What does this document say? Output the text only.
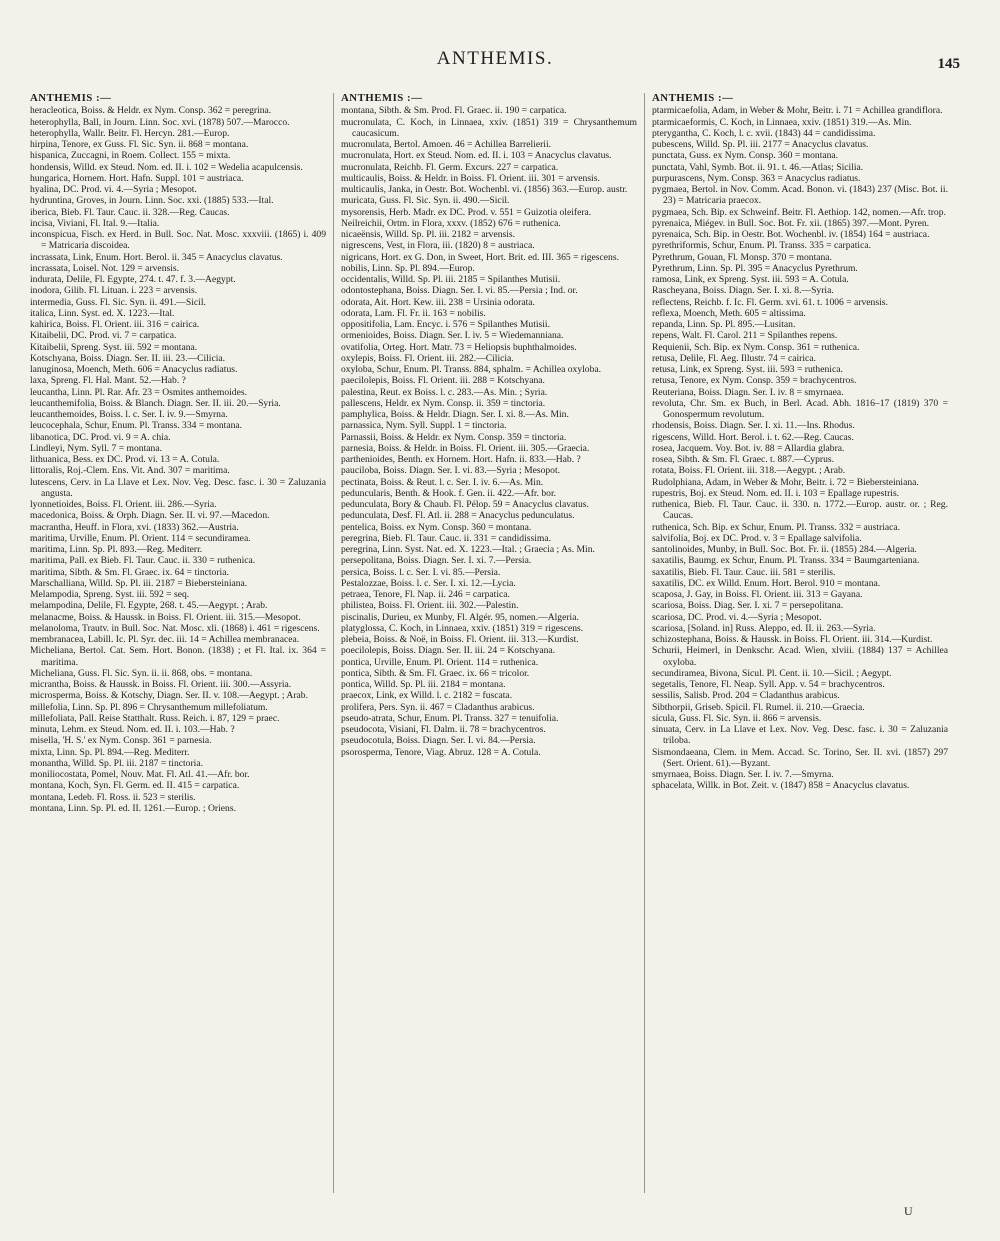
ANTHEMIS.	145
ANTHEMIS :—

heracleotica, Boiss. & Heldr. ex Nym. Consp. 362 = peregrina.

heterophylla, Ball, in Journ. Linn. Soc. xvi. (1878) 507.—Marocco.

heterophylla, Wallr. Beitr. Fl. Hercyn. 281.—Europ.

hirpina, Tenore, ex Guss. Fl. Sic. Syn. ii. 868 = montana.

hispanica, Zuccagni, in Roem. Collect. 155 = mixta.

hondensis, Willd. ex Steud. Nom. ed. II. i. 102 = Wedelia acapulcensis.

hungarica, Hornem. Hort. Hafn. Suppl. 101 = austriaca.

hyalina, DC. Prod. vi. 4.—Syria ; Mesopot.

hydruntina, Groves, in Journ. Linn. Soc. xxi. (1885) 533.—Ital.

iberica, Bieb. Fl. Taur. Cauc. ii. 328.—Reg. Caucas.

incisa, Viviani, Fl. Ital. 9.—Italia.

inconspicua, Fisch. ex Herd. in Bull. Soc. Nat. Mosc. xxxviii. (1865) i. 409 = Matricaria discoidea.

incrassata, Link, Enum. Hort. Berol. ii. 345 = Anacyclus clavatus.

incrassata, Loisel. Not. 129 = arvensis.

indurata, Delile, Fl. Egypte, 274. t. 47. f. 3.—Aegypt.

inodora, Gilib. Fl. Lituan. i. 223 = arvensis.

intermedia, Guss. Fl. Sic. Syn. ii. 491.—Sicil.

italica, Linn. Syst. ed. X. 1223.—Ital.

kahirica, Boiss. Fl. Orient. iii. 316 = cairica.

Kitaibelii, DC. Prod. vi. 7 = carpatica.

Kitaibelii, Spreng. Syst. iii. 592 = montana.

Kotschyana, Boiss. Diagn. Ser. II. iii. 23.—Cilicia.

lanuginosa, Moench, Meth. 606 = Anacyclus radiatus.

laxa, Spreng. Fl. Hal. Mant. 52.—Hab. ?

leucantha, Linn. Pl. Rar. Afr. 23 = Osmites anthemoides.

leucanthemifolia, Boiss. & Blanch. Diagn. Ser. II. iii. 20.—Syria.

leucanthemoides, Boiss. l. c. Ser. I. iv. 9.—Smyrna.

leucocephala, Schur, Enum. Pl. Transs. 334 = montana.

libanotica, DC. Prod. vi. 9 = A. chia.

Lindleyi, Nym. Syll. 7 = montana.

lithuanica, Bess. ex DC. Prod. vi. 13 = A. Cotula.

littoralis, Roj.-Clem. Ens. Vit. And. 307 = maritima.

lutescens, Cerv. in La Llave et Lex. Nov. Veg. Desc. fasc. i. 30 = Zaluzania angusta.

lyonnetioides, Boiss. Fl. Orient. iii. 286.—Syria.

macedonica, Boiss. & Orph. Diagn. Ser. II. vi. 97.—Macedon.

macrantha, Heuff. in Flora, xvi. (1833) 362.—Austria.

maritima, Urville, Enum. Pl. Orient. 114 = secundiramea.

maritima, Linn. Sp. Pl. 893.—Reg. Mediterr.

maritima, Pall. ex Bieb. Fl. Taur. Cauc. ii. 330 = ruthenica.

maritima, Sibth. & Sm. Fl. Graec. ix. 64 = tinctoria.

Marschalliana, Willd. Sp. Pl. iii. 2187 = Biebersteiniana.

Melampodia, Spreng. Syst. iii. 592 = seq.

melampodina, Delile, Fl. Egypte, 268. t. 45.—Aegypt. ; Arab.

melanacme, Boiss. & Haussk. in Boiss. Fl. Orient. iii. 315.—Mesopot.

melanoloma, Trautv. in Bull. Soc. Nat. Mosc. xli. (1868) i. 461 = rigescens.

membranacea, Labill. Ic. Pl. Syr. dec. iii. 14 = Achillea membranacea.

Micheliana, Bertol. Cat. Sem. Hort. Bonon. (1838) ; et Fl. Ital. ix. 364 = maritima.

Micheliana, Guss. Fl. Sic. Syn. ii. ii. 868, obs. = montana.

micrantha, Boiss. & Haussk. in Boiss. Fl. Orient. iii. 300.—Assyria.

microsperma, Boiss. & Kotschy, Diagn. Ser. II. v. 108.—Aegypt. ; Arab.

millefolia, Linn. Sp. Pl. 896 = Chrysanthemum millefoliatum.

millefoliata, Pall. Reise Statthalt. Russ. Reich. i. 87, 129 = praec.

minuta, Lehm. ex Steud. Nom. ed. II. i. 103.—Hab. ?

misella, 'H. S.' ex Nym. Consp. 361 = parnesia.

mixta, Linn. Sp. Pl. 894.—Reg. Mediterr.

monantha, Willd. Sp. Pl. iii. 2187 = tinctoria.

moniliocostata, Pomel, Nouv. Mat. Fl. Atl. 41.—Afr. bor.

montana, Koch, Syn. Fl. Germ. ed. II. 415 = carpatica.

montana, Ledeb. Fl. Ross. ii. 523 = sterilis.

montana, Linn. Sp. Pl. ed. II. 1261.—Europ. ; Oriens.

ANTHEMIS :—

montana, Sibth. & Sm. Prod. Fl. Graec. ii. 190 = carpatica.

mucronulata, C. Koch, in Linnaea, xxiv. (1851) 319 = Chrysanthemum caucasicum.

mucronulata, Bertol. Amoen. 46 = Achillea Barrelierii.

mucronulata, Hort. ex Steud. Nom. ed. II. i. 103 = Anacyclus clavatus.

mucronulata, Reichb. Fl. Germ. Excurs. 227 = carpatica.

multicaulis, Boiss. & Heldr. in Boiss. Fl. Orient. iii. 301 = arvensis.

multicaulis, Janka, in Oestr. Bot. Wochenbl. vi. (1856) 363.—Europ. austr.

muricata, Guss. Fl. Sic. Syn. ii. 490.—Sicil.

mysorensis, Herb. Madr. ex DC. Prod. v. 551 = Guizotia oleifera.

Neilreichii, Ortm. in Flora, xxxv. (1852) 676 = ruthenica.

nicaeënsis, Willd. Sp. Pl. iii. 2182 = arvensis.

nigrescens, Vest, in Flora, iii. (1820) 8 = austriaca.

nigricans, Hort. ex G. Don, in Sweet, Hort. Brit. ed. III. 365 = rigescens.

nobilis, Linn. Sp. Pl. 894.—Europ.

occidentalis, Willd. Sp. Pl. iii. 2185 = Spilanthes Mutisii.

odontostephana, Boiss. Diagn. Ser. I. vi. 85.—Persia ; Ind. or.

odorata, Ait. Hort. Kew. iii. 238 = Ursinia odorata.

odorata, Lam. Fl. Fr. ii. 163 = nobilis.

oppositifolia, Lam. Encyc. i. 576 = Spilanthes Mutisii.

ormenioides, Boiss. Diagn. Ser. I. iv. 5 = Wiedemanniana.

ovatifolia, Orteg. Hort. Matr. 73 = Heliopsis buphthalmoides.

oxylepis, Boiss. Fl. Orient. iii. 282.—Cilicia.

oxyloba, Schur, Enum. Pl. Transs. 884, sphalm. = Achillea oxyloba.

paecilolepis, Boiss. Fl. Orient. iii. 288 = Kotschyana.

palestina, Reut. ex Boiss. l. c. 283.—As. Min. ; Syria.

pallescens, Heldr. ex Nym. Consp. ii. 359 = tinctoria.

pamphylica, Boiss. & Heldr. Diagn. Ser. I. xi. 8.—As. Min.

parnassica, Nym. Syll. Suppl. 1 = tinctoria.

Parnassii, Boiss. & Heldr. ex Nym. Consp. 359 = tinctoria.

parnesia, Boiss. & Heldr. in Boiss. Fl. Orient. iii. 305.—Graecia.

parthenioides, Benth. ex Hornem. Hort. Hafn. ii. 833.—Hab. ?

pauciloba, Boiss. Diagn. Ser. I. vi. 83.—Syria ; Mesopot.

pectinata, Boiss. & Reut. l. c. Ser. I. iv. 6.—As. Min.

peduncularis, Benth. & Hook. f. Gen. ii. 422.—Afr. bor.

pedunculata, Bory & Chaub. Fl. Pélop. 59 = Anacyclus clavatus.

pedunculata, Desf. Fl. Atl. ii. 288 = Anacyclus pedunculatus.

pentelica, Boiss. ex Nym. Consp. 360 = montana.

peregrina, Bieb. Fl. Taur. Cauc. ii. 331 = candidissima.

peregrina, Linn. Syst. Nat. ed. X. 1223.—Ital. ; Graecia ; As. Min.

persepolitana, Boiss. Diagn. Ser. I. xi. 7.—Persia.

persica, Boiss. l. c. Ser. I. vi. 85.—Persia.

Pestalozzae, Boiss. l. c. Ser. I. xi. 12.—Lycia.

petraea, Tenore, Fl. Nap. ii. 246 = carpatica.

philistea, Boiss. Fl. Orient. iii. 302.—Palestin.

piscinalis, Durieu, ex Munby, Fl. Algér. 95, nomen.—Algeria.

platyglossa, C. Koch, in Linnaea, xxiv. (1851) 319 = rigescens.

plebeia, Boiss. & Noë, in Boiss. Fl. Orient. iii. 313.—Kurdist.

poecilolepis, Boiss. Diagn. Ser. II. iii. 24 = Kotschyana.

pontica, Urville, Enum. Pl. Orient. 114 = ruthenica.

pontica, Sibth. & Sm. Fl. Graec. ix. 66 = tricolor.

pontica, Willd. Sp. Pl. iii. 2184 = montana.

praecox, Link, ex Willd. l. c. 2182 = fuscata.

prolifera, Pers. Syn. ii. 467 = Cladanthus arabicus.

pseudo-atrata, Schur, Enum. Pl. Transs. 327 = tenuifolia.

pseudocota, Visiani, Fl. Dalm. ii. 78 = brachycentros.

pseudocotula, Boiss. Diagn. Ser. I. vi. 84.—Persia.

psorosperma, Tenore, Viag. Abruz. 128 = A. Cotula.

ANTHEMIS :—

ptarmicaefolia, Adam, in Weber & Mohr, Beitr. i. 71 = Achillea grandiflora.

ptarmicaeformis, C. Koch, in Linnaea, xxiv. (1851) 319.—As. Min.

pterygantha, C. Koch, l. c. xvii. (1843) 44 = candidissima.

pubescens, Willd. Sp. Pl. iii. 2177 = Anacyclus clavatus.

punctata, Guss. ex Nym. Consp. 360 = montana.

punctata, Vahl, Symb. Bot. ii. 91. t. 46.—Atlas; Sicilia.

purpurascens, Nym. Consp. 363 = Anacyclus radiatus.

pygmaea, Bertol. in Nov. Comm. Acad. Bonon. vi. (1843) 237 (Misc. Bot. ii. 23) = Matricaria praecox.

pygmaea, Sch. Bip. ex Schweinf. Beitr. Fl. Aethiop. 142, nomen.—Afr. trop.

pyrenaica, Miégev. in Bull. Soc. Bot. Fr. xii. (1865) 397.—Mont. Pyren.

pyrenaica, Sch. Bip. in Oestr. Bot. Wochenbl. iv. (1854) 164 = austriaca.

pyrethriformis, Schur, Enum. Pl. Transs. 335 = carpatica.

Pyrethrum, Gouan, Fl. Monsp. 370 = montana.

Pyrethrum, Linn. Sp. Pl. 395 = Anacyclus Pyrethrum.

ramosa, Link, ex Spreng. Syst. iii. 593 = A. Cotula.

Rascheyana, Boiss. Diagn. Ser. I. xi. 8.—Syria.

reflectens, Reichb. f. Ic. Fl. Germ. xvi. 61. t. 1006 = arvensis.

reflexa, Moench, Meth. 605 = altissima.

repanda, Linn. Sp. Pl. 895.—Lusitan.

repens, Walt. Fl. Carol. 211 = Spilanthes repens.

Requienii, Sch. Bip. ex Nym. Consp. 361 = ruthenica.

retusa, Delile, Fl. Aeg. Illustr. 74 = cairica.

retusa, Link, ex Spreng. Syst. iii. 593 = ruthenica.

retusa, Tenore, ex Nym. Consp. 359 = brachycentros.

Reuteriana, Boiss. Diagn. Ser. I. iv. 8 = smyrnaea.

revoluta, Chr. Sm. ex Buch, in Berl. Acad. Abh. 1816–17 (1819) 370 = Gonospermum revolutum.

rhodensis, Boiss. Diagn. Ser. I. xi. 11.—Ins. Rhodus.

rigescens, Willd. Hort. Berol. i. t. 62.—Reg. Caucas.

rosea, Jacquem. Voy. Bot. iv. 88 = Allardia glabra.

rosea, Sibth. & Sm. Fl. Graec. t. 887.—Cyprus.

rotata, Boiss. Fl. Orient. iii. 318.—Aegypt. ; Arab.

Rudolphiana, Adam, in Weber & Mohr, Beitr. i. 72 = Biebersteiniana.

rupestris, Boj. ex Steud. Nom. ed. II. i. 103 = Epallage rupestris.

ruthenica, Bieb. Fl. Taur. Cauc. ii. 330. n. 1772.—Europ. austr. or. ; Reg. Caucas.

ruthenica, Sch. Bip. ex Schur, Enum. Pl. Transs. 332 = austriaca.

salvifolia, Boj. ex DC. Prod. v. 3 = Epallage salvifolia.

santolinoides, Munby, in Bull. Soc. Bot. Fr. ii. (1855) 284.—Algeria.

saxatilis, Baumg. ex Schur, Enum. Pl. Transs. 334 = Baumgarteniana.

saxatilis, Bieb. Fl. Taur. Cauc. iii. 581 = sterilis.

saxatilis, DC. ex Willd. Enum. Hort. Berol. 910 = montana.

scaposa, J. Gay, in Boiss. Fl. Orient. iii. 313 = Gayana.

scariosa, Boiss. Diag. Ser. I. xi. 7 = persepolitana.

scariosa, DC. Prod. vi. 4.—Syria ; Mesopot.

scariosa, [Soland. in] Russ. Aleppo, ed. II. ii. 263.—Syria.

schizostephana, Boiss. & Haussk. in Boiss. Fl. Orient. iii. 314.—Kurdist.

Schurii, Heimerl, in Denkschr. Acad. Wien, xlviii. (1884) 137 = Achillea oxyloba.

secundiramea, Bivona, Sicul. Pl. Cent. ii. 10.—Sicil. ; Aegypt.

segetalis, Tenore, Fl. Neap. Syll. App. v. 54 = brachycentros.

sessilis, Salisb. Prod. 204 = Cladanthus arabicus.

Sibthorpii, Griseb. Spicil. Fl. Rumel. ii. 210.—Graecia.

sicula, Guss. Fl. Sic. Syn. ii. 866 = arvensis.

sinuata, Cerv. in La Llave et Lex. Nov. Veg. Desc. fasc. i. 30 = Zaluzania triloba.

Sismondaeana, Clem. in Mem. Accad. Sc. Torino, Ser. II. xvi. (1857) 297 (Sert. Orient. 61).—Byzant.

smyrnaea, Boiss. Diagn. Ser. I. iv. 7.—Smyrna.

sphacelata, Willk. in Bot. Zeit. v. (1847) 858 = Anacyclus clavatus.

U
